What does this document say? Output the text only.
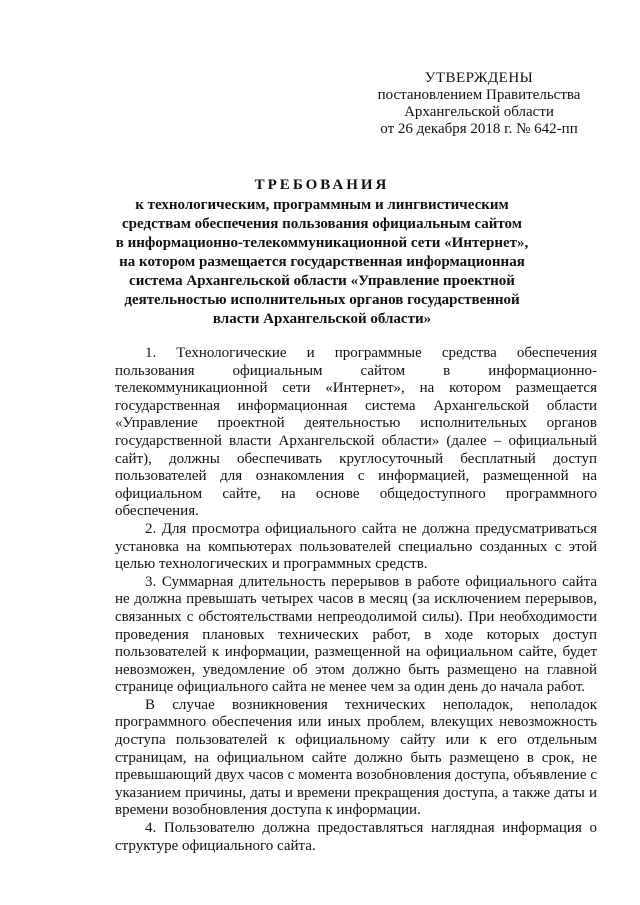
УТВЕРЖДЕНЫ
постановлением Правительства
Архангельской области
от 26 декабря 2018 г. № 642-пп
ТРЕБОВАНИЯ
к технологическим, программным и лингвистическим
средствам обеспечения пользования официальным сайтом
в информационно-телекоммуникационной сети «Интернет»,
на котором размещается государственная информационная
система Архангельской области «Управление проектной
деятельностью исполнительных органов государственной
власти Архангельской области»

1. Технологические и программные средства обеспечения пользования официальным сайтом в информационно-телекоммуникационной сети «Интернет», на котором размещается государственная информационная система Архангельской области «Управление проектной деятельностью исполнительных органов государственной власти Архангельской области» (далее – официальный сайт), должны обеспечивать круглосуточный бесплатный доступ пользователей для ознакомления с информацией, размещенной на официальном сайте, на основе общедоступного программного обеспечения.

2. Для просмотра официального сайта не должна предусматриваться установка на компьютерах пользователей специально созданных с этой целью технологических и программных средств.

3. Суммарная длительность перерывов в работе официального сайта не должна превышать четырех часов в месяц (за исключением перерывов, связанных с обстоятельствами непреодолимой силы). При необходимости проведения плановых технических работ, в ходе которых доступ пользователей к информации, размещенной на официальном сайте, будет невозможен, уведомление об этом должно быть размещено на главной странице официального сайта не менее чем за один день до начала работ.

В случае возникновения технических неполадок, неполадок программного обеспечения или иных проблем, влекущих невозможность доступа пользователей к официальному сайту или к его отдельным страницам, на официальном сайте должно быть размещено в срок, не превышающий двух часов с момента возобновления доступа, объявление с указанием причины, даты и времени прекращения доступа, а также даты и времени возобновления доступа к информации.

4. Пользователю должна предоставляться наглядная информация о структуре официального сайта.
